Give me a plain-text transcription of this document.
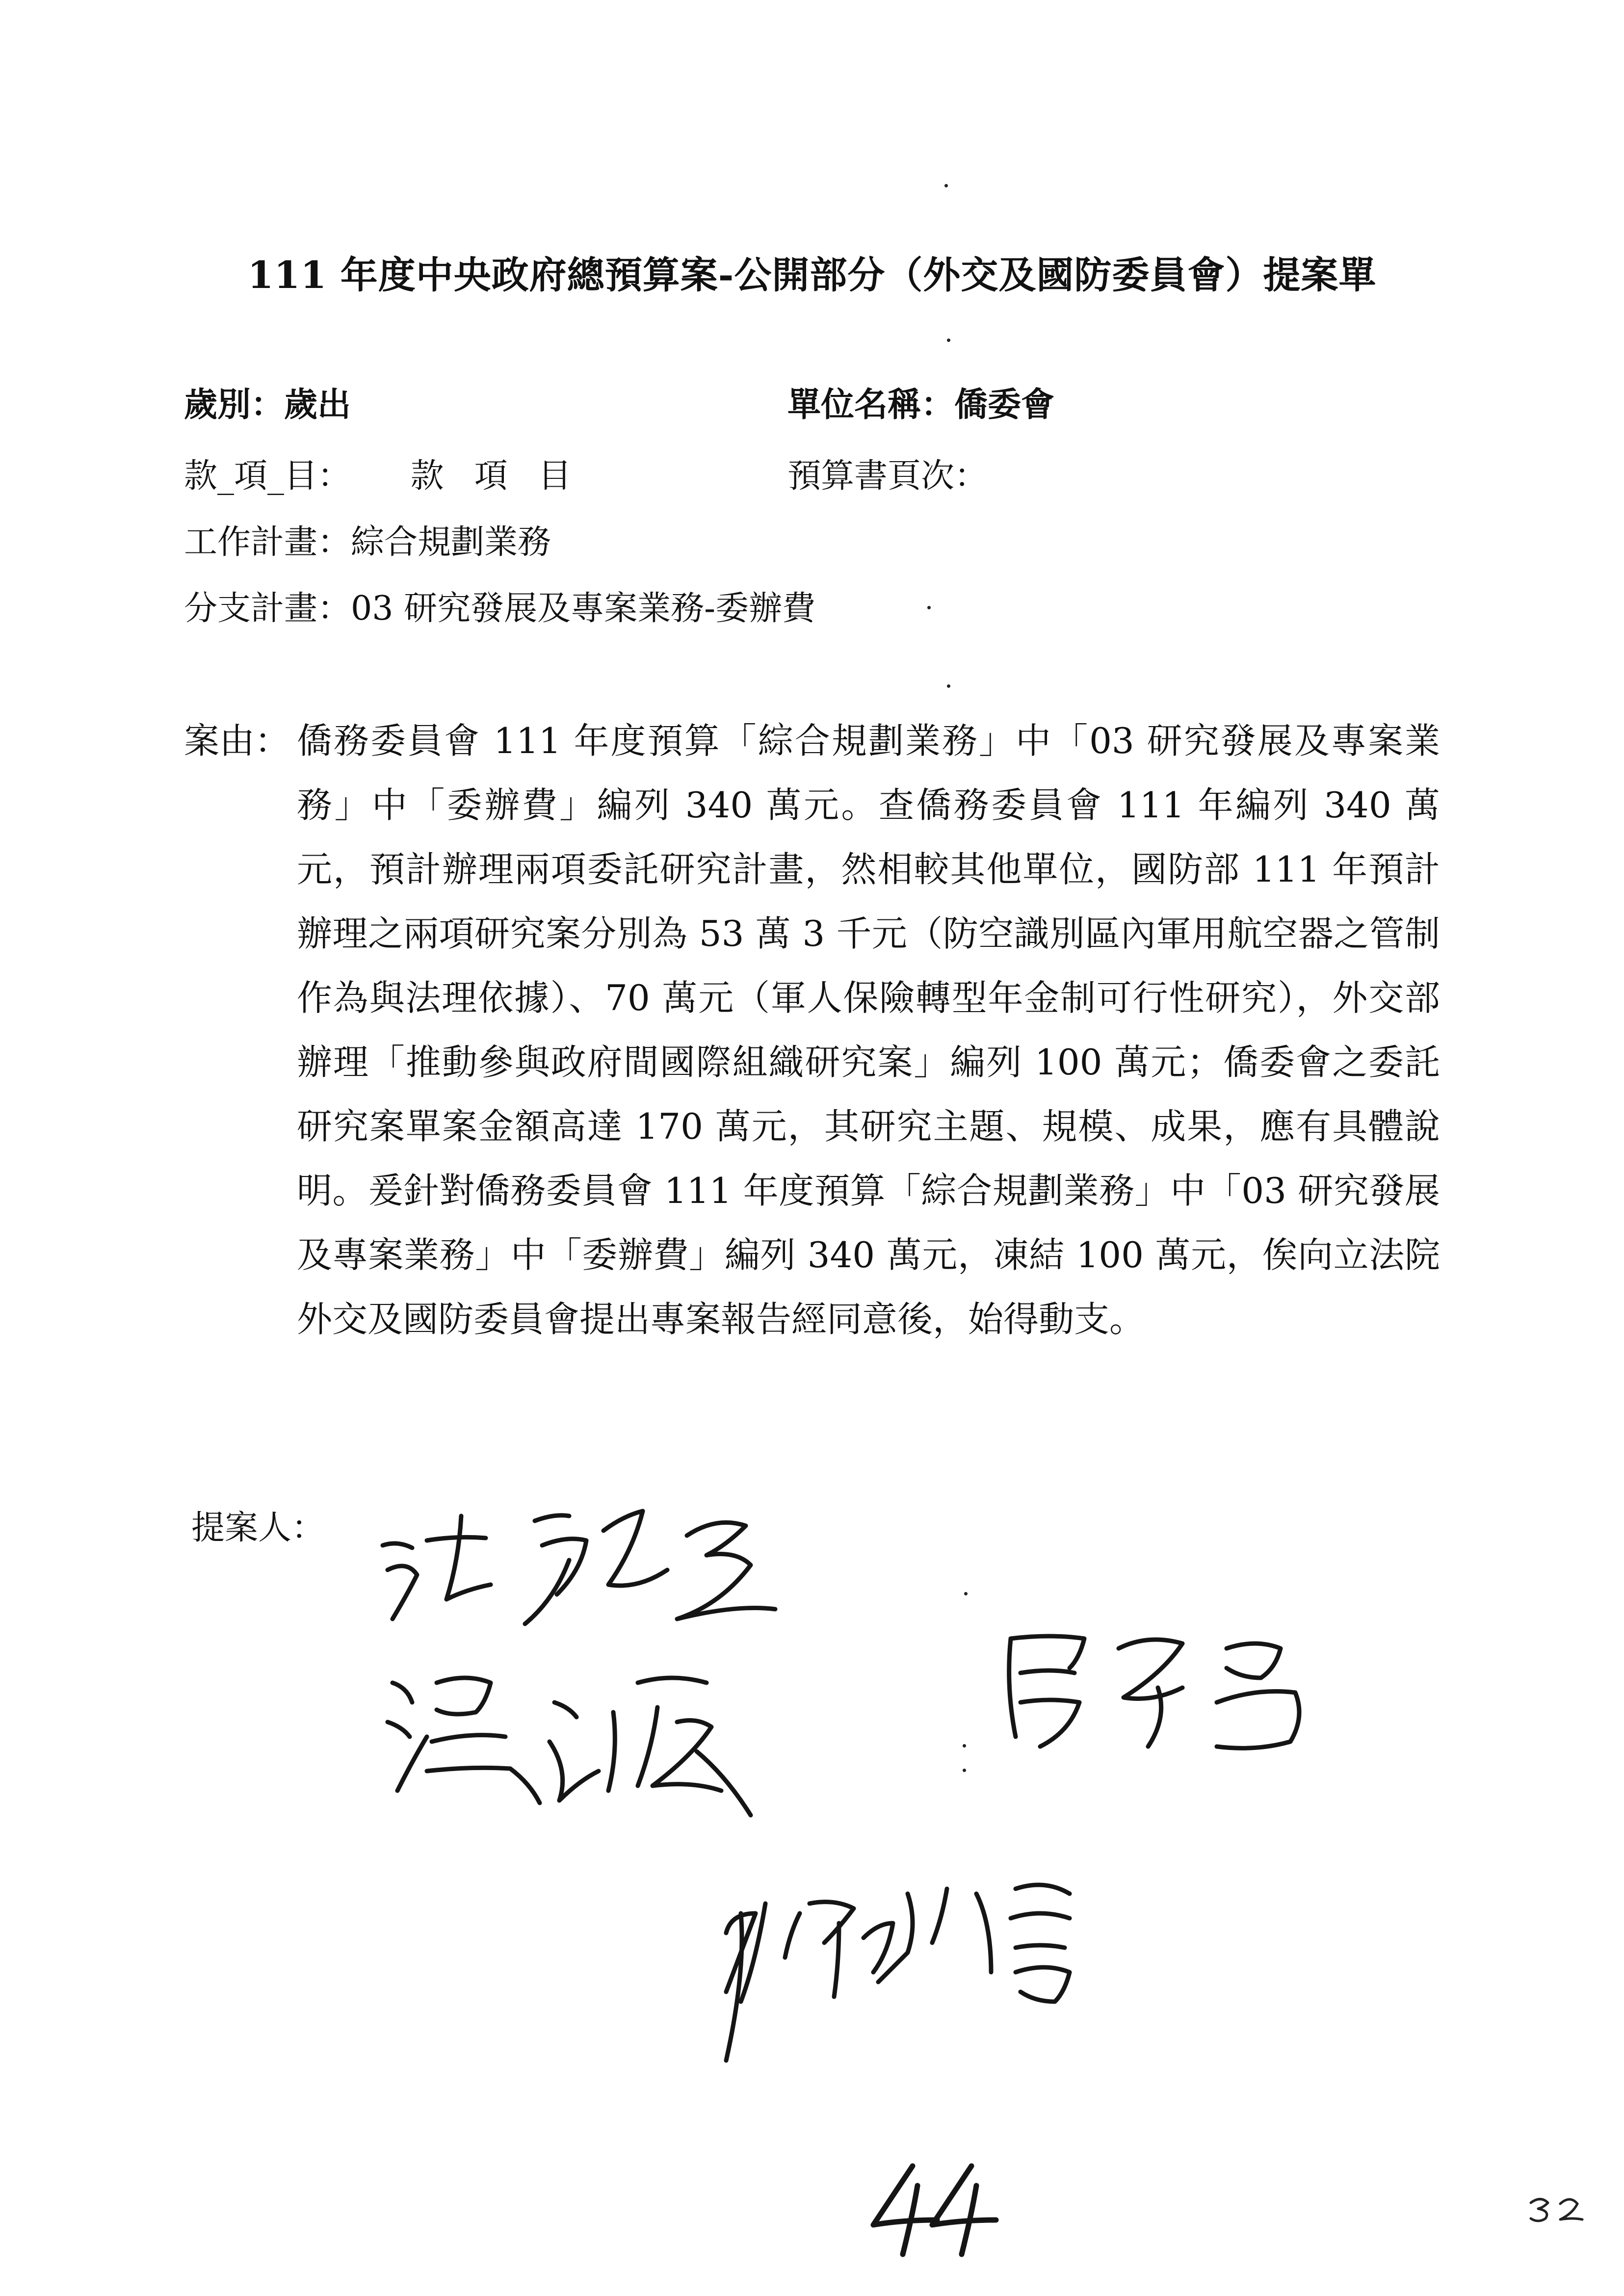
111 年度中央政府總預算案-公開部分（外交及國防委員會）提案單
歲別：歲出	單位名稱：僑委會
款_項_目： 款 項 目	預算書頁次：
工作計畫：綜合規劃業務
分支計畫：03 研究發展及專案業務-委辦費
案由： 僑務委員會 111 年度預算「綜合規劃業務」中「03 研究發展及專案業務」中「委辦費」編列 340 萬元。查僑務委員會 111 年編列 340 萬元，預計辦理兩項委託研究計畫，然相較其他單位，國防部 111 年預計辦理之兩項研究案分別為 53 萬 3 千元（防空識別區內軍用航空器之管制作為與法理依據）、70 萬元（軍人保險轉型年金制可行性研究），外交部辦理「推動參與政府間國際組織研究案」編列 100 萬元；僑委會之委託研究案單案金額高達 170 萬元，其研究主題、規模、成果，應有具體說明。爰針對僑務委員會 111 年度預算「綜合規劃業務」中「03 研究發展及專案業務」中「委辦費」編列 340 萬元，凍結 100 萬元，俟向立法院外交及國防委員會提出專案報告經同意後，始得動支。
提案人：
